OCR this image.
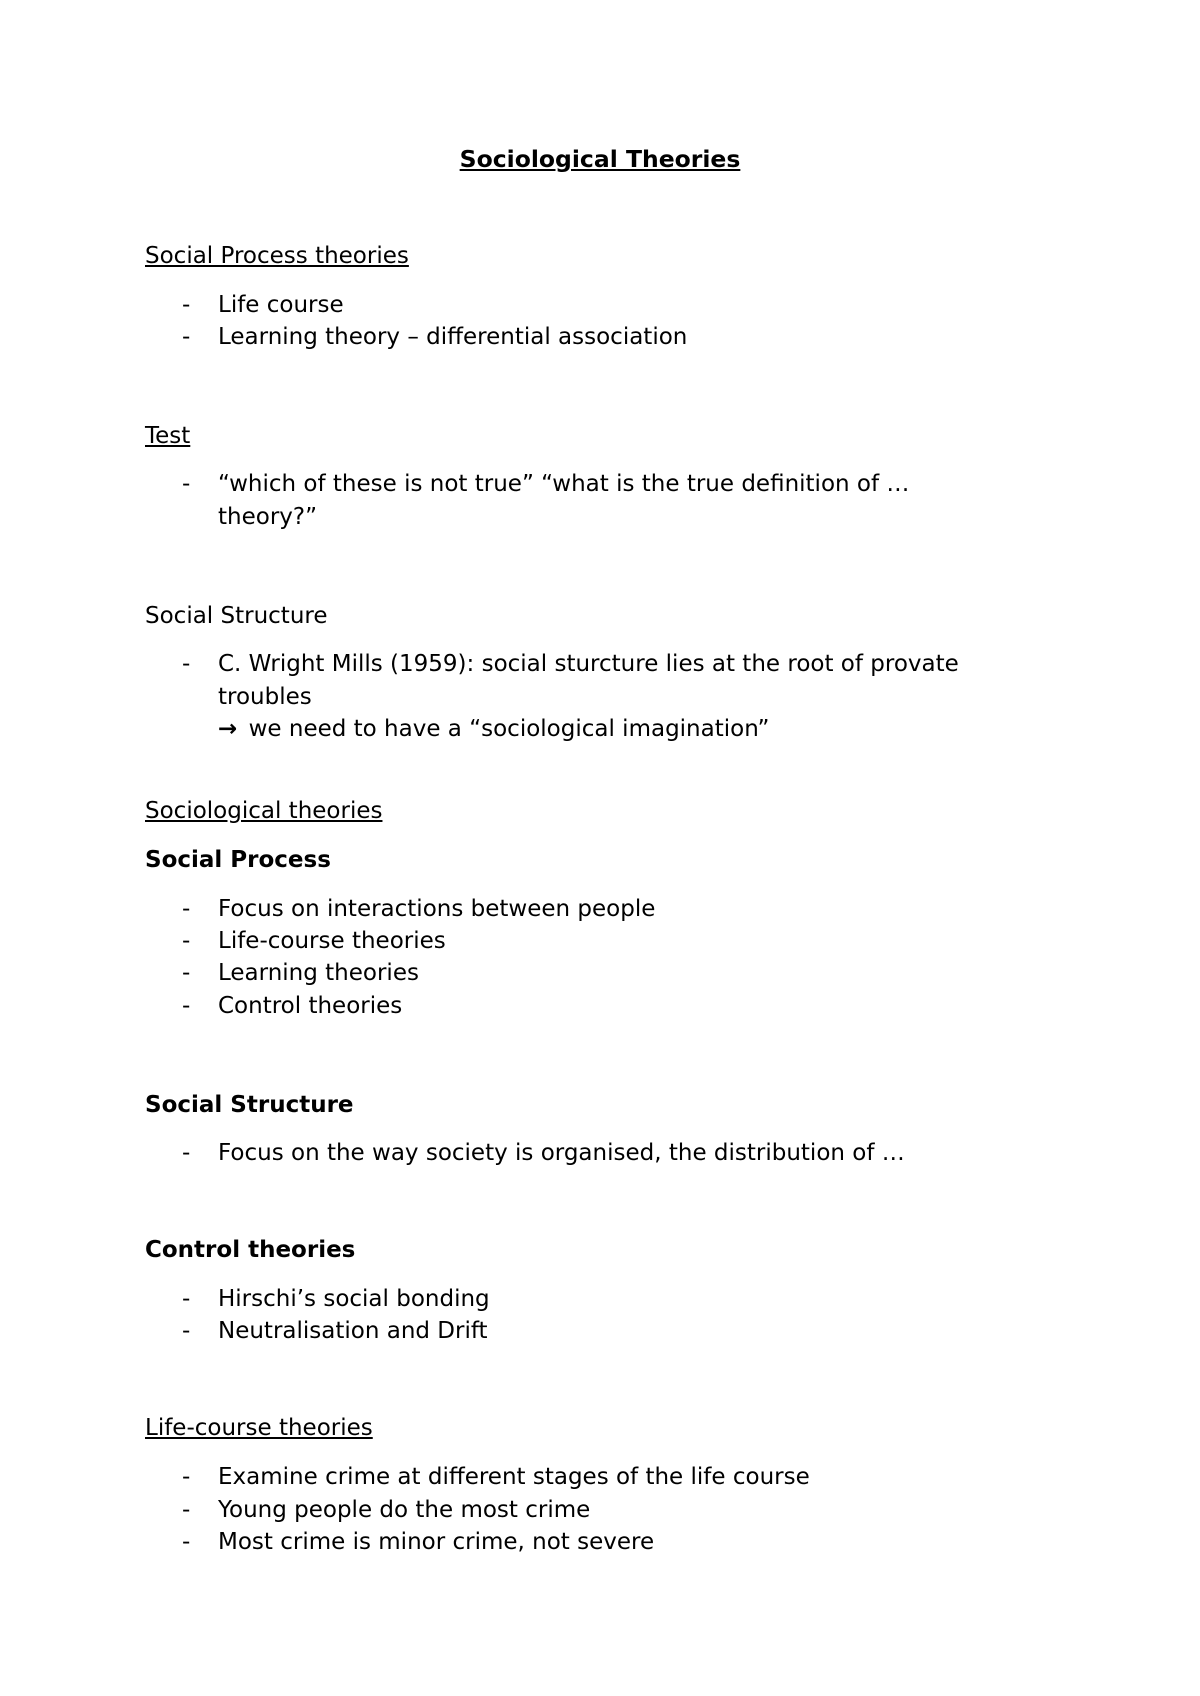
Sociological Theories
Social Process theories
- Life course
- Learning theory – differential association
Test
- “which of these is not true” “what is the true definition of …
theory?”
Social Structure
- C. Wright Mills (1959): social sturcture lies at the root of provate
troubles
→ we need to have a “sociological imagination”
Sociological theories
Social Process
- Focus on interactions between people
- Life-course theories
- Learning theories
- Control theories
Social Structure
- Focus on the way society is organised, the distribution of …
Control theories
- Hirschi’s social bonding
- Neutralisation and Drift
Life-course theories
- Examine crime at different stages of the life course
- Young people do the most crime
- Most crime is minor crime, not severe
